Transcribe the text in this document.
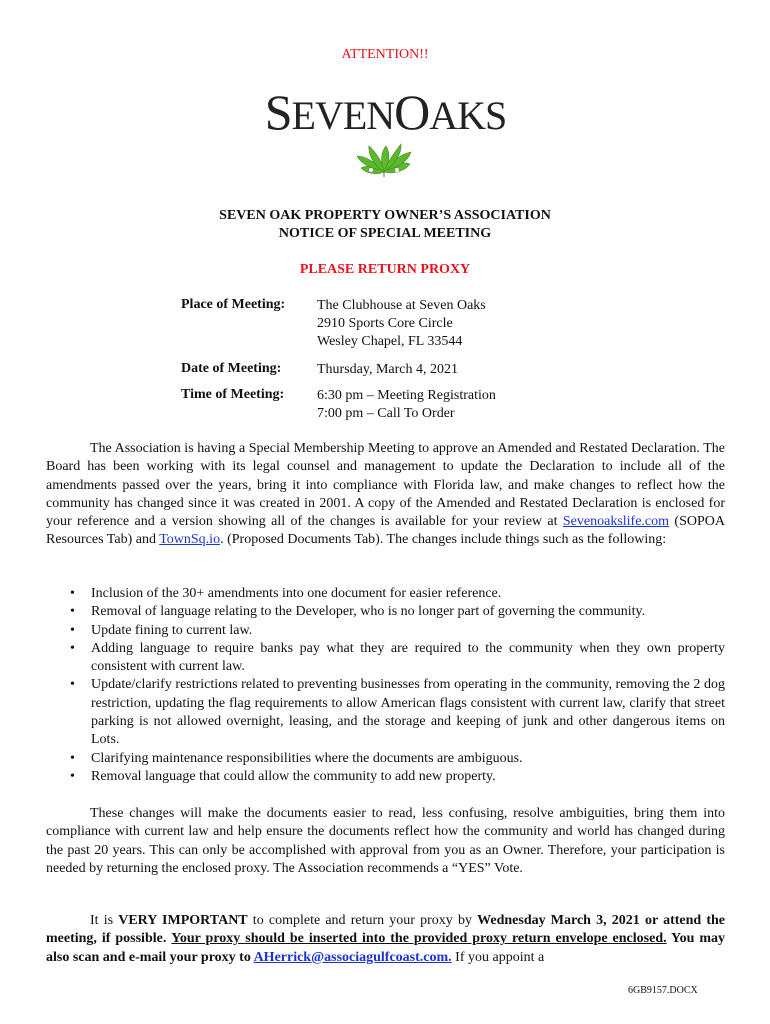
ATTENTION!!
SEVENOAKS
SEVEN OAK PROPERTY OWNER’S ASSOCIATION
NOTICE OF SPECIAL MEETING
PLEASE RETURN PROXY
Place of Meeting: The Clubhouse at Seven Oaks
2910 Sports Core Circle
Wesley Chapel, FL 33544
Date of Meeting:	Thursday, March 4, 2021
Time of Meeting: 6:30 pm – Meeting Registration
7:00 pm – Call To Order
The Association is having a Special Membership Meeting to approve an Amended and Restated Declaration. The Board has been working with its legal counsel and management to update the Declaration to include all of the amendments passed over the years, bring it into compliance with Florida law, and make changes to reflect how the community has changed since it was created in 2001. A copy of the Amended and Restated Declaration is enclosed for your reference and a version showing all of the changes is available for your review at Sevenoakslife.com (SOPOA Resources Tab) and TownSq.io. (Proposed Documents Tab). The changes include things such as the following:
• Inclusion of the 30+ amendments into one document for easier reference.
• Removal of language relating to the Developer, who is no longer part of governing the community.
• Update fining to current law.
• Adding language to require banks pay what they are required to the community when they own property consistent with current law.
• Update/clarify restrictions related to preventing businesses from operating in the community, removing the 2 dog restriction, updating the flag requirements to allow American flags consistent with current law, clarify that street parking is not allowed overnight, leasing, and the storage and keeping of junk and other dangerous items on Lots.
• Clarifying maintenance responsibilities where the documents are ambiguous.
• Removal language that could allow the community to add new property.
These changes will make the documents easier to read, less confusing, resolve ambiguities, bring them into compliance with current law and help ensure the documents reflect how the community and world has changed during the past 20 years. This can only be accomplished with approval from you as an Owner. Therefore, your participation is needed by returning the enclosed proxy. The Association recommends a “YES” Vote.
It is VERY IMPORTANT to complete and return your proxy by Wednesday March 3, 2021 or attend the meeting, if possible. Your proxy should be inserted into the provided proxy return envelope enclosed. You may also scan and e-mail your proxy to AHerrick@associagulfcoast.com. If you appoint a
6GB9157.DOCX
